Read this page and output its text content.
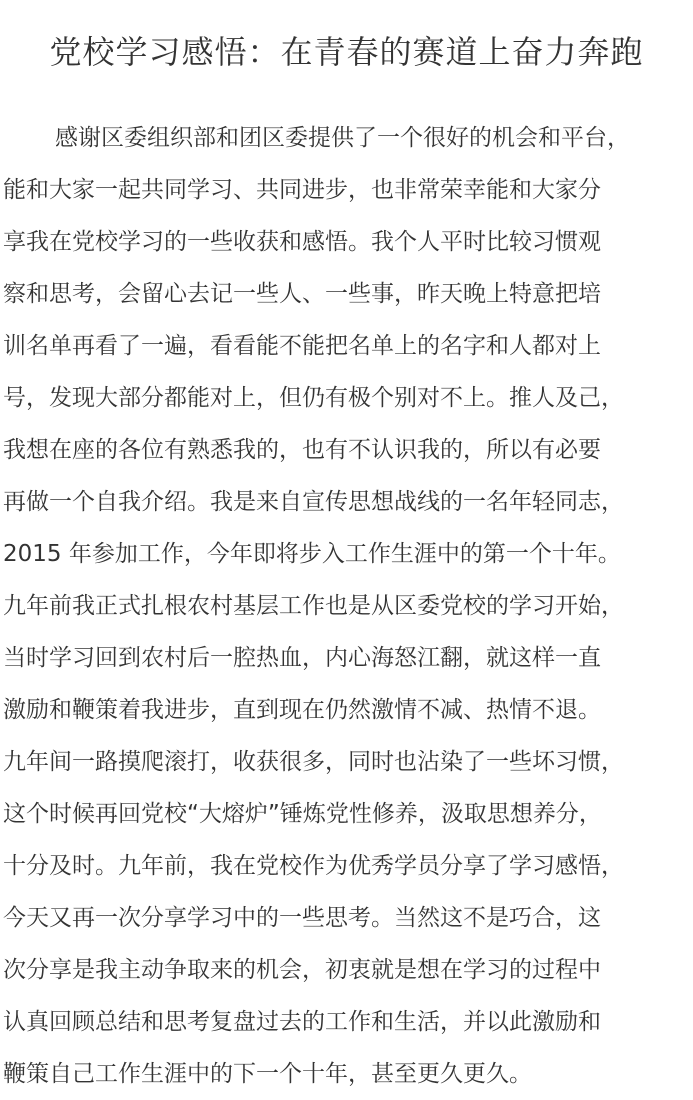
党校学习感悟：在青春的赛道上奋力奔跑
感谢区委组织部和团区委提供了一个很好的机会和平台，
能和大家一起共同学习、共同进步，也非常荣幸能和大家分
享我在党校学习的一些收获和感悟。我个人平时比较习惯观
察和思考，会留心去记一些人、一些事，昨天晚上特意把培
训名单再看了一遍，看看能不能把名单上的名字和人都对上
号，发现大部分都能对上，但仍有极个别对不上。推人及己，
我想在座的各位有熟悉我的，也有不认识我的，所以有必要
再做一个自我介绍。我是来自宣传思想战线的一名年轻同志，
2015 年参加工作，今年即将步入工作生涯中的第一个十年。
九年前我正式扎根农村基层工作也是从区委党校的学习开始，
当时学习回到农村后一腔热血，内心海怒江翻，就这样一直
激励和鞭策着我进步，直到现在仍然激情不减、热情不退。
九年间一路摸爬滚打，收获很多，同时也沾染了一些坏习惯，
这个时候再回党校“大熔炉”锤炼党性修养，汲取思想养分，
十分及时。九年前，我在党校作为优秀学员分享了学习感悟，
今天又再一次分享学习中的一些思考。当然这不是巧合，这
次分享是我主动争取来的机会，初衷就是想在学习的过程中
认真回顾总结和思考复盘过去的工作和生活，并以此激励和
鞭策自己工作生涯中的下一个十年，甚至更久更久。
